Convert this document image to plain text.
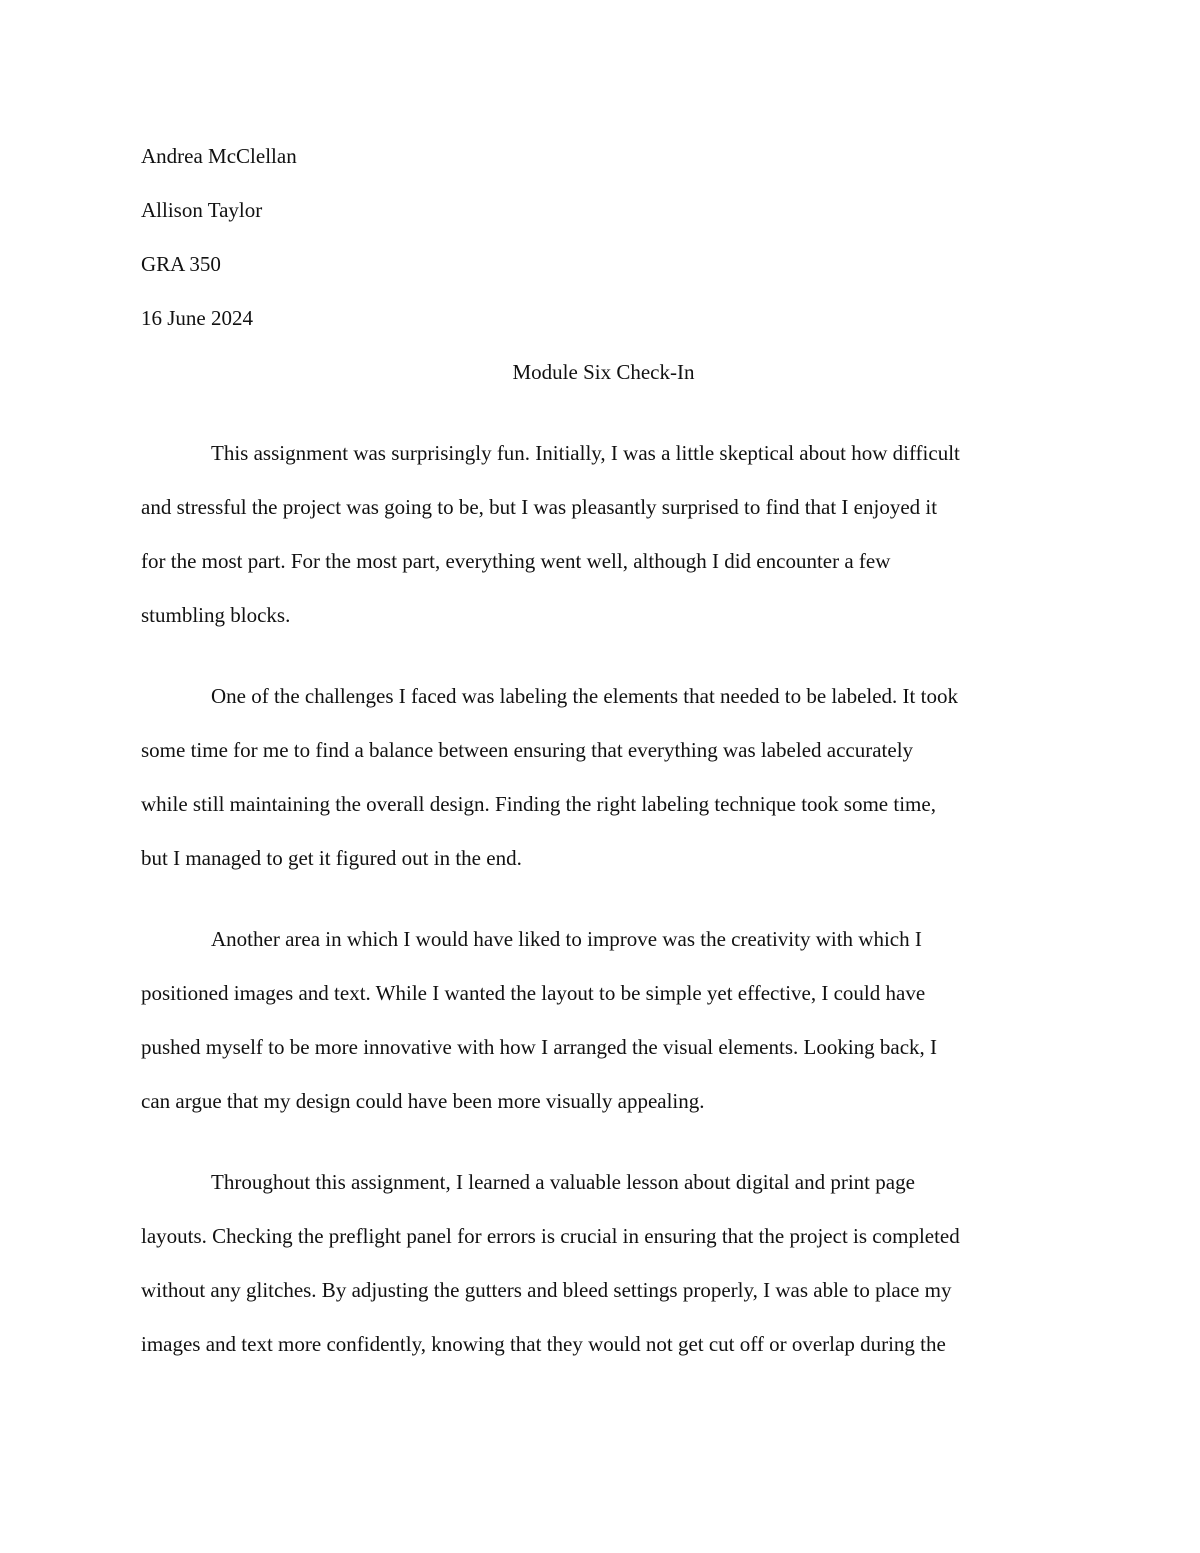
Andrea McClellan
Allison Taylor
GRA 350
16 June 2024
Module Six Check-In
This assignment was surprisingly fun. Initially, I was a little skeptical about how difficult
and stressful the project was going to be, but I was pleasantly surprised to find that I enjoyed it
for the most part. For the most part, everything went well, although I did encounter a few
stumbling blocks.
One of the challenges I faced was labeling the elements that needed to be labeled. It took
some time for me to find a balance between ensuring that everything was labeled accurately
while still maintaining the overall design. Finding the right labeling technique took some time,
but I managed to get it figured out in the end.
Another area in which I would have liked to improve was the creativity with which I
positioned images and text. While I wanted the layout to be simple yet effective, I could have
pushed myself to be more innovative with how I arranged the visual elements. Looking back, I
can argue that my design could have been more visually appealing.
Throughout this assignment, I learned a valuable lesson about digital and print page
layouts. Checking the preflight panel for errors is crucial in ensuring that the project is completed
without any glitches. By adjusting the gutters and bleed settings properly, I was able to place my
images and text more confidently, knowing that they would not get cut off or overlap during the
